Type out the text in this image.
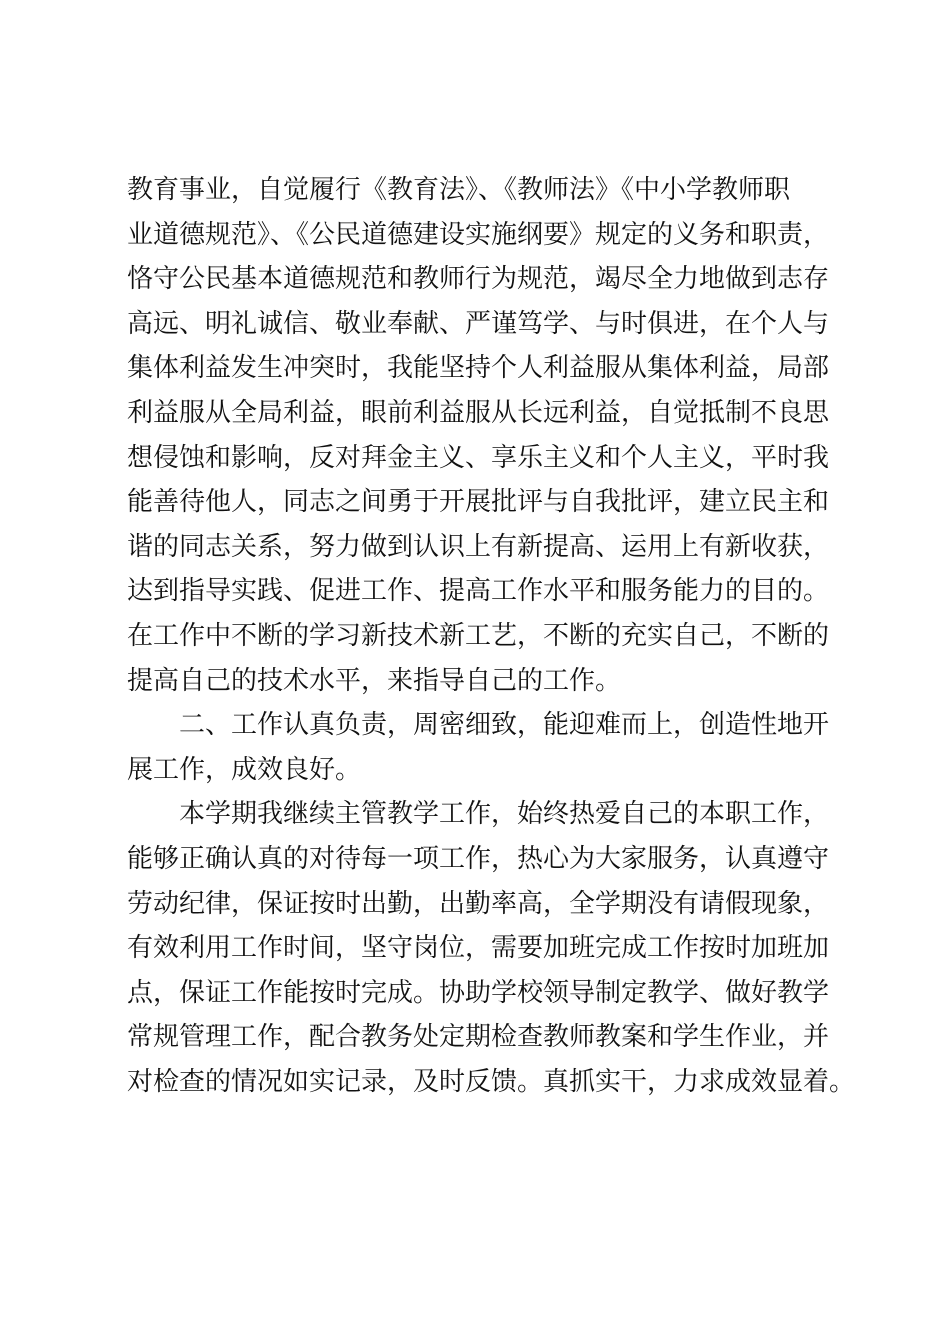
教育事业，自觉履行《教育法》、《教师法》《中小学教师职

业道德规范》、《公民道德建设实施纲要》规定的义务和职责，

恪守公民基本道德规范和教师行为规范，竭尽全力地做到志存

高远、明礼诚信、敬业奉献、严谨笃学、与时俱进，在个人与

集体利益发生冲突时，我能坚持个人利益服从集体利益，局部

利益服从全局利益，眼前利益服从长远利益，自觉抵制不良思

想侵蚀和影响，反对拜金主义、享乐主义和个人主义，平时我

能善待他人，同志之间勇于开展批评与自我批评，建立民主和

谐的同志关系，努力做到认识上有新提高、运用上有新收获，

达到指导实践、促进工作、提高工作水平和服务能力的目的。

在工作中不断的学习新技术新工艺，不断的充实自己，不断的

提高自己的技术水平，来指导自己的工作。

二、工作认真负责，周密细致，能迎难而上，创造性地开

展工作，成效良好。

本学期我继续主管教学工作，始终热爱自己的本职工作，

能够正确认真的对待每一项工作，热心为大家服务，认真遵守

劳动纪律，保证按时出勤，出勤率高，全学期没有请假现象，

有效利用工作时间，坚守岗位，需要加班完成工作按时加班加

点，保证工作能按时完成。协助学校领导制定教学、做好教学

常规管理工作，配合教务处定期检查教师教案和学生作业，并

对检查的情况如实记录，及时反馈。真抓实干，力求成效显着。
